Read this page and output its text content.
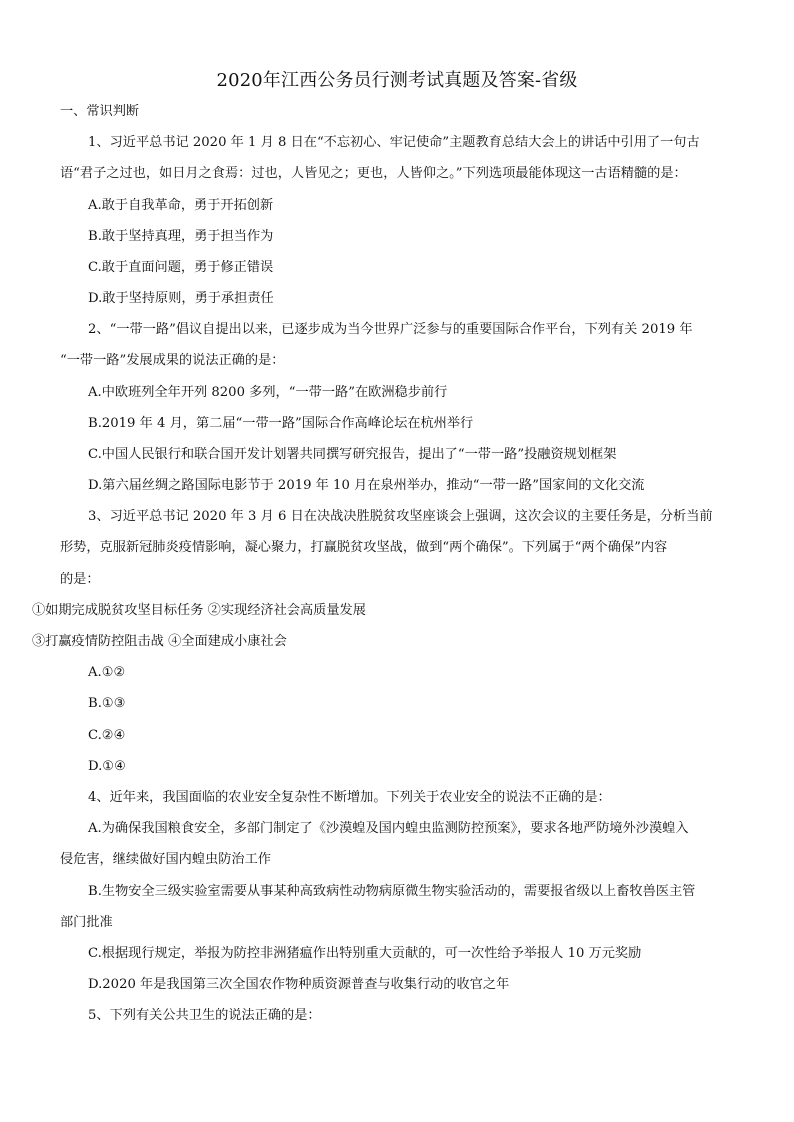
2020年江西公务员行测考试真题及答案-省级
一、常识判断
1、习近平总书记 2020 年 1 月 8 日在“不忘初心、牢记使命”主题教育总结大会上的讲话中引用了一句古
语“君子之过也，如日月之食焉：过也，人皆见之；更也，人皆仰之。”下列选项最能体现这一古语精髓的是：
A.敢于自我革命，勇于开拓创新
B.敢于坚持真理，勇于担当作为
C.敢于直面问题，勇于修正错误
D.敢于坚持原则，勇于承担责任
2、“一带一路”倡议自提出以来，已逐步成为当今世界广泛参与的重要国际合作平台，下列有关 2019 年
“一带一路”发展成果的说法正确的是：
A.中欧班列全年开列 8200 多列，“一带一路”在欧洲稳步前行
B.2019 年 4 月，第二届“一带一路”国际合作高峰论坛在杭州举行
C.中国人民银行和联合国开发计划署共同撰写研究报告，提出了“一带一路”投融资规划框架
D.第六届丝绸之路国际电影节于 2019 年 10 月在泉州举办，推动“一带一路”国家间的文化交流
3、习近平总书记 2020 年 3 月 6 日在决战决胜脱贫攻坚座谈会上强调，这次会议的主要任务是，分析当前
形势，克服新冠肺炎疫情影响，凝心聚力，打赢脱贫攻坚战，做到“两个确保”。下列属于“两个确保”内容
的是：
①如期完成脱贫攻坚目标任务 ②实现经济社会高质量发展
③打赢疫情防控阻击战 ④全面建成小康社会
A.①②
B.①③
C.②④
D.①④
4、近年来，我国面临的农业安全复杂性不断增加。下列关于农业安全的说法不正确的是：
A.为确保我国粮食安全，多部门制定了《沙漠蝗及国内蝗虫监测防控预案》，要求各地严防境外沙漠蝗入
侵危害，继续做好国内蝗虫防治工作
B.生物安全三级实验室需要从事某种高致病性动物病原微生物实验活动的，需要报省级以上畜牧兽医主管
部门批准
C.根据现行规定，举报为防控非洲猪瘟作出特别重大贡献的，可一次性给予举报人 10 万元奖励
D.2020 年是我国第三次全国农作物种质资源普查与收集行动的收官之年
5、下列有关公共卫生的说法正确的是：
